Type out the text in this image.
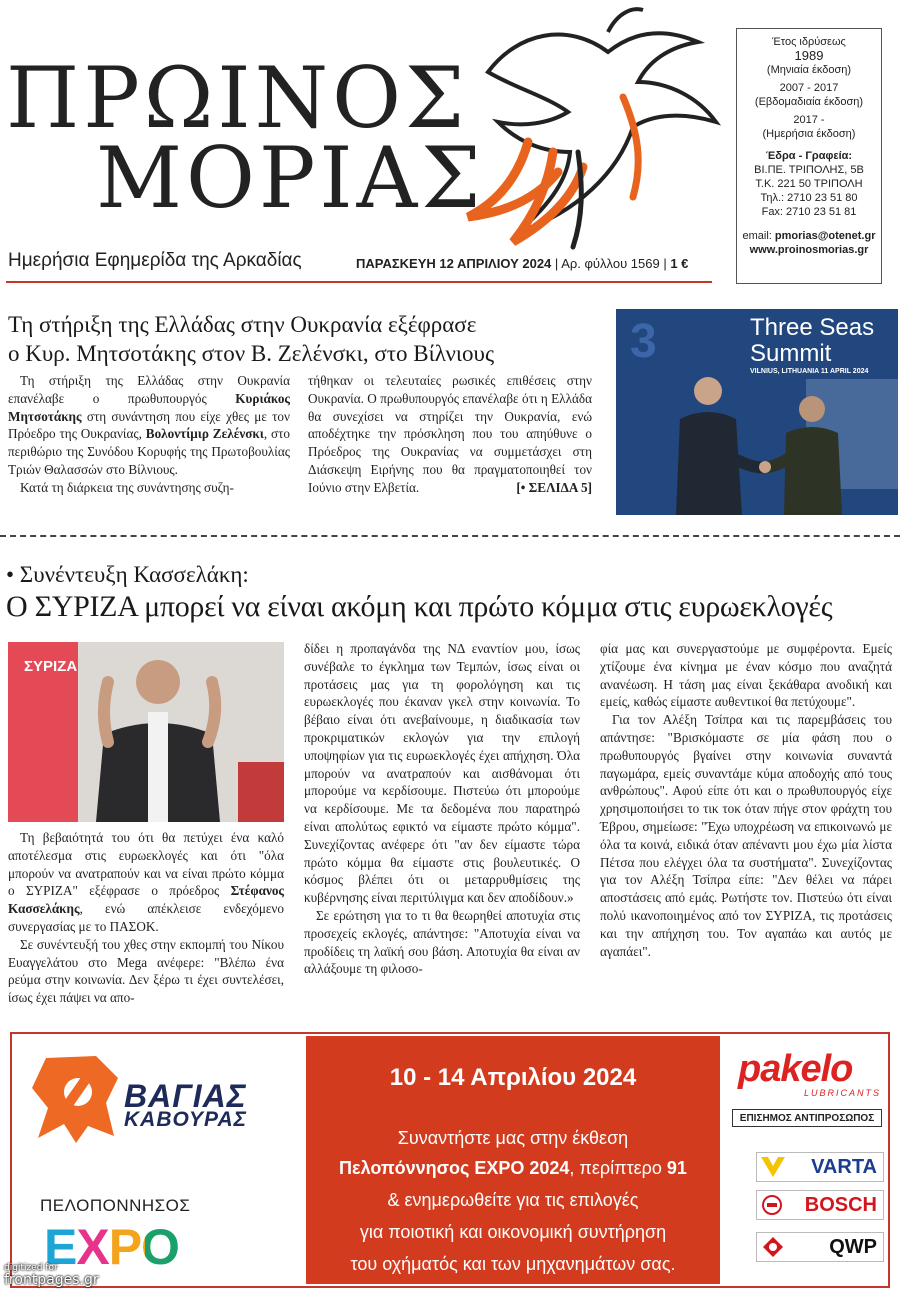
ΠΡΩΙΝΟΣ
ΜΟΡΙΑΣ
Ημερήσια Εφημερίδα της Αρκαδίας	ΠΑΡΑΣΚΕΥΗ 12 ΑΠΡΙΛΙΟΥ 2024 | Αρ. φύλλου 1569 | 1 €
Έτος ιδρύσεως
1989
(Μηνιαία έκδοση)
2007 - 2017
(Εβδομαδιαία έκδοση)
2017 -
(Ημερήσια έκδοση)
Έδρα - Γραφεία:
ΒΙ.ΠΕ. ΤΡΙΠΟΛΗΣ, 5Β
Τ.Κ. 221 50 ΤΡΙΠΟΛΗ
Τηλ.: 2710 23 51 80
Fax: 2710 23 51 81
email: pmorias@otenet.gr
www.proinosmorias.gr
Τη στήριξη της Ελλάδας στην Ουκρανία εξέφρασε
ο Κυρ. Μητσοτάκης στον Β. Ζελένσκι, στο Βίλνιους

Τη στήριξη της Ελλάδας στην Ουκρανία επανέλαβε ο πρωθυπουργός Κυριάκος Μητσοτάκης στη συνάντηση που είχε χθες με τον Πρόεδρο της Ουκρανίας, Βολοντίμιρ Ζελένσκι, στο περιθώριο της Συνόδου Κορυφής της Πρωτοβουλίας Τριών Θαλασσών στο Βίλνιους.

Κατά τη διάρκεια της συνάντησης συζη-

τήθηκαν οι τελευταίες ρωσικές επιθέσεις στην Ουκρανία. Ο πρωθυπουργός επανέλαβε ότι η Ελλάδα θα συνεχίσει να στηρίζει την Ουκρανία, ενώ αποδέχτηκε την πρόσκληση που του απηύθυνε ο Πρόεδρος της Ουκρανίας να συμμετάσχει στη Διάσκεψη Ειρήνης που θα πραγματοποιηθεί τον Ιούνιο στην Ελβετία.	[• ΣΕΛΙΔΑ 5]
3	Three Seas
Summit
VILNIUS, LITHUANIA 11 APRIL 2024
• Συνέντευξη Κασσελάκη:
Ο ΣΥΡΙΖΑ μπορεί να είναι ακόμη και πρώτο κόμμα στις ευρωεκλογές
ΣΥΡΙΖΑ

Τη βεβαιότητά του ότι θα πετύχει ένα καλό αποτέλεσμα στις ευρωεκλογές και ότι "όλα μπορούν να ανατραπούν και να είναι πρώτο κόμμα ο ΣΥΡΙΖΑ" εξέφρασε ο πρόεδρος Στέφανος Κασσελάκης, ενώ απέκλεισε ενδεχόμενο συνεργασίας με το ΠΑΣΟΚ.

Σε συνέντευξή του χθες στην εκπομπή του Νίκου Ευαγγελάτου στο Mega ανέφερε: "Βλέπω ένα ρεύμα στην κοινωνία. Δεν ξέρω τι έχει συντελέσει, ίσως έχει πάψει να απο-

δίδει η προπαγάνδα της ΝΔ εναντίον μου, ίσως συνέβαλε το έγκλημα των Τεμπών, ίσως είναι οι προτάσεις μας για τη φορολόγηση και τις ευρωεκλογές που έκαναν γκελ στην κοινωνία. Το βέβαιο είναι ότι ανεβαίνουμε, η διαδικασία των προκριματικών εκλογών για την επιλογή υποψηφίων για τις ευρωεκλογές έχει απήχηση. Όλα μπορούν να ανατραπούν και αισθάνομαι ότι μπορούμε να κερδίσουμε. Πιστεύω ότι μπορούμε να κερδίσουμε. Με τα δεδομένα που παρατηρώ είναι απολύτως εφικτό να είμαστε πρώτο κόμμα". Συνεχίζοντας ανέφερε ότι "αν δεν είμαστε τώρα πρώτο κόμμα θα είμαστε στις βουλευτικές. Ο κόσμος βλέπει ότι οι μεταρρυθμίσεις της κυβέρνησης είναι περιτύλιγμα και δεν αποδίδουν.»

Σε ερώτηση για το τι θα θεωρηθεί αποτυχία στις προσεχείς εκλογές, απάντησε: "Αποτυχία είναι να προδίδεις τη λαϊκή σου βάση. Αποτυχία θα είναι αν αλλάξουμε τη φιλοσο-

φία μας και συνεργαστούμε με συμφέροντα. Εμείς χτίζουμε ένα κίνημα με έναν κόσμο που αναζητά ανανέωση. Η τάση μας είναι ξεκάθαρα ανοδική και εμείς, καθώς είμαστε αυθεντικοί θα πετύχουμε".

Για τον Αλέξη Τσίπρα και τις παρεμβάσεις του απάντησε: "Βρισκόμαστε σε μία φάση που ο πρωθυπουργός βγαίνει στην κοινωνία συναντά παγωμάρα, εμείς συναντάμε κύμα αποδοχής από τους ανθρώπους". Αφού είπε ότι και ο πρωθυπουργός είχε χρησιμοποιήσει το τικ τοκ όταν πήγε στον φράχτη του Έβρου, σημείωσε: "Έχω υποχρέωση να επικοινωνώ με όλα τα κοινά, ειδικά όταν απέναντι μου έχω μία λίστα Πέτσα που ελέγχει όλα τα συστήματα". Συνεχίζοντας για τον Αλέξη Τσίπρα είπε: "Δεν θέλει να πάρει αποστάσεις από εμάς. Ρωτήστε τον. Πιστεύω ότι είναι πολύ ικανοποιημένος από τον ΣΥΡΙΖΑ, τις προτάσεις και την απήχηση του. Τον αγαπάω και αυτός με αγαπάει".

ΒΑΓΙΑΣ
ΚΑΒΟΥΡΑΣ
ΠΕΛΟΠΟΝΝΗΣΟΣ
EXPO
10 - 14 Απριλίου 2024
Συναντήστε μας στην έκθεση
Πελοπόννησος EXPO 2024, περίπτερο 91
& ενημερωθείτε για τις επιλογές
για ποιοτική και οικονομική συντήρηση
του οχήματός και των μηχανημάτων σας.
pakelo
LUBRICANTS
ΕΠΙΣΗΜΟΣ ΑΝΤΙΠΡΟΣΩΠΟΣ
VARTA
BOSCH
QWP
digitized for
frontpages.gr
